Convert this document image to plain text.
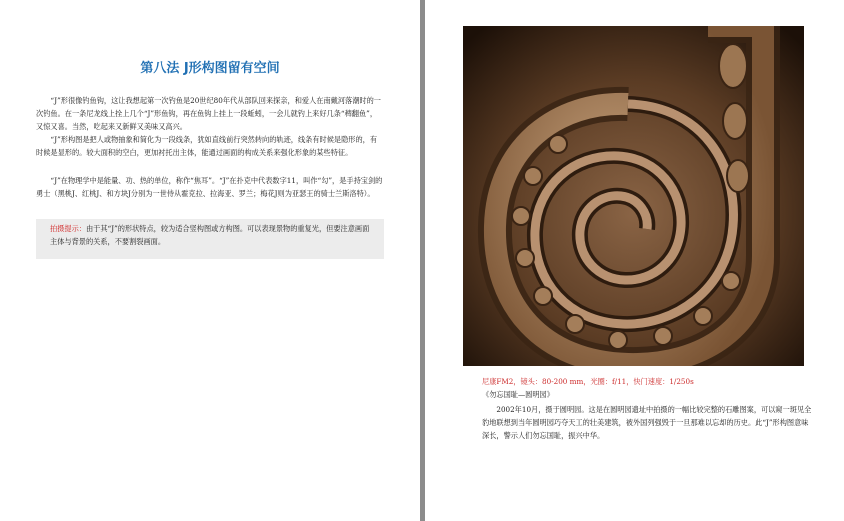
第八法 J形构图留有空间

“J”形很像钓鱼钩，这让我想起第一次钓鱼是20世纪80年代从部队回来探亲，和爱人在南戴河落潮时的一次钓鱼。在一条尼龙线上拴上几个“J”形鱼钩，再在鱼钩上挂上一段蚯蚓，一会儿就钓上来好几条“稗翻鱼”，又惊又喜。当然，吃起来又新鲜又美味又高兴。

“J”形构图是把人或物抽象和简化为一段线条，犹如直线前行突然转向的轨迹，线条有时候是隐形的，有时候是显形的。较大面积的空白，更加衬托出主体，能通过画面的构成关系来强化形象的某些特征。

“J”在物理学中是能量、功、热的单位，称作“焦耳”。“J”在扑克中代表数字11，叫作“勾”，是手持宝剑的勇士（黑桃J、红桃J、和方块J分别为一世侍从霍克拉、拉海亚、罗兰；梅花J则为亚瑟王的骑士兰斯洛特）。

拍摄提示：由于其“J”的形状特点，较为适合竖构图或方构图。可以表现景物的重复光，但要注意画面主体与背景的关系，不要割裂画面。
尼康FM2，镜头：80-200 mm，光圈：f/11，快门速度：1/250s
《勿忘国耻—圆明园》

2002年10月，摄于圆明园。这是在圆明园遗址中拍摄的一幅比较完整的石雕图案，可以窥一斑见全豹地联想到当年圆明园巧夺天工的壮美建筑，被外国列强毁于一旦那难以忘却的历史。此“J”形构图意味深长，警示人们勿忘国耻，振兴中华。
